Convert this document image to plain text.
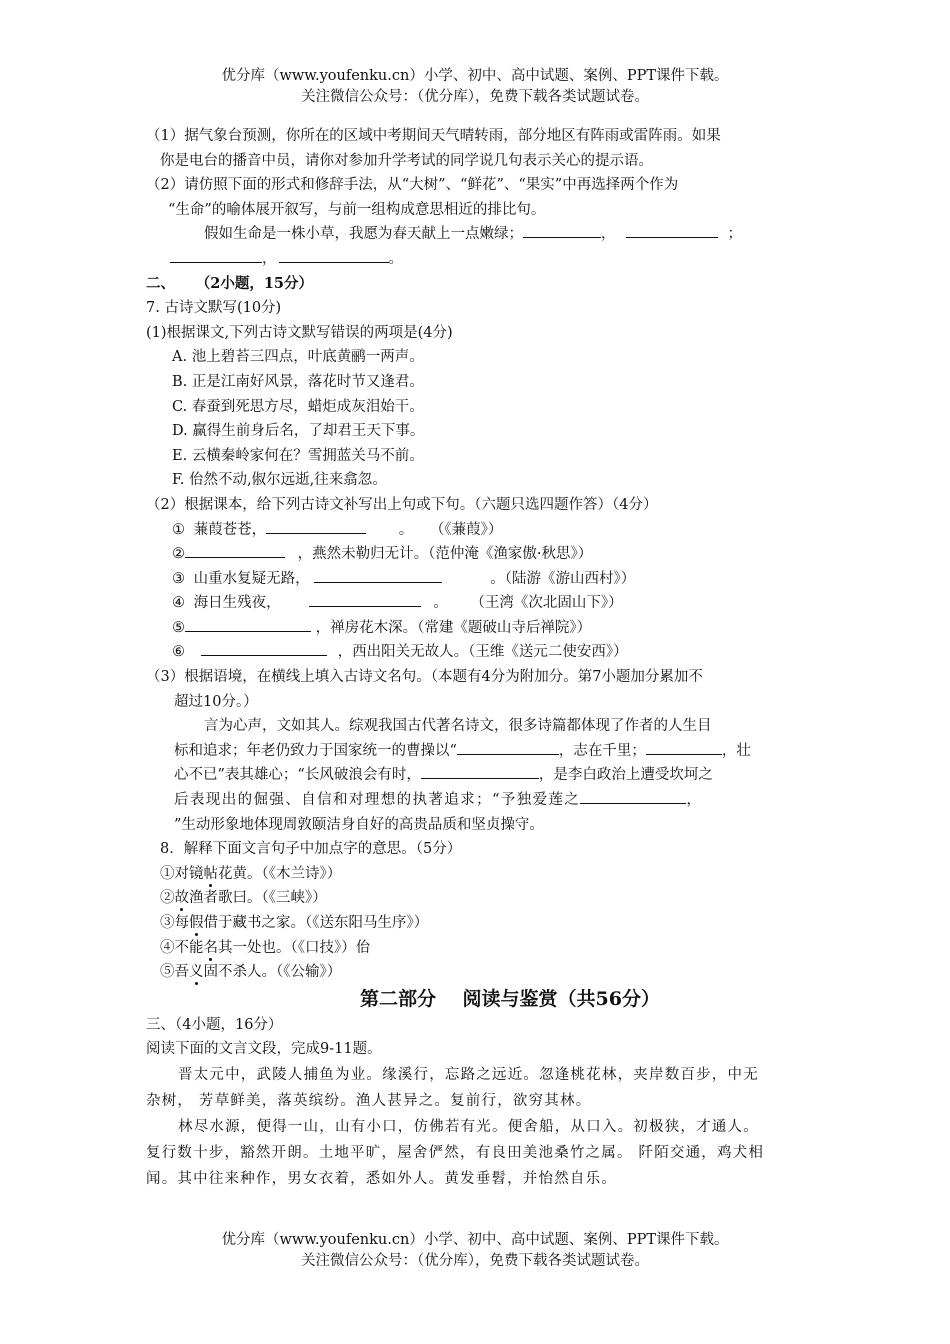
优分库（www.youfenku.cn）小学、初中、高中试题、案例、PPT课件下载。
关注微信公众号：（优分库），免费下载各类试题试卷。
（1）据气象台预测，你所在的区域中考期间天气晴转雨，部分地区有阵雨或雷阵雨。如果
你是电台的播音中员，请你对参加升学考试的同学说几句表示关心的提示语。
（2）请仿照下面的形式和修辞手法，从“大树”、“鲜花”、“果实”中再选择两个作为
“生命”的喻体展开叙写，与前一组构成意思相近的排比句。
假如生命是一株小草，我愿为春天献上一点嫩绿；	，	；
，	。
二、 （2小题，15分）
7. 古诗文默写(10分)
(1)根据课文,下列古诗文默写错误的两项是(4分)
A. 池上碧苔三四点，叶底黄鹂一两声。
B. 正是江南好风景，落花时节又逢君。
C. 春蚕到死思方尽，蜡炬成灰泪始干。
D. 赢得生前身后名，了却君王天下事。
E. 云横秦岭家何在？雪拥蓝关马不前。
F. 佁然不动,俶尔远逝,往来翕忽。
（2）根据课本，给下列古诗文补写出上句或下句。（六题只选四题作答）（4分）
① 蒹葭苍苍，	。 （《蒹葭》）
②	，燕然未勒归无计。（范仲淹《渔家傲·秋思》）
③ 山重水复疑无路，	。（陆游《游山西村》）
④ 海日生残夜，	。 （王湾《次北固山下》）
⑤	，禅房花木深。（常建《题破山寺后禅院》）
⑥	，西出阳关无故人。（王维《送元二使安西》）
（3）根据语境，在横线上填入古诗文名句。（本题有4分为附加分。第7小题加分累加不
超过10分。）
言为心声，文如其人。综观我国古代著名诗文，很多诗篇都体现了作者的人生目
标和追求；年老仍致力于国家统一的曹操以“	，志在千里；	，壮
心不已”表其雄心；“长风破浪会有时，	，是李白政治上遭受坎坷之
后表现出的倔强、自信和对理想的执著追求；“予独爱莲之	，
”生动形象地体现周敦颐洁身自好的高贵品质和坚贞操守。
8．解释下面文言句子中加点字的意思。（5分）
①对镜帖花黄。（《木兰诗》）
②故渔者歌曰。（《三峡》）
③每假借于藏书之家。（《送东阳马生序》）
④不能名其一处也。（《口技》）佁
⑤吾义固不杀人。（《公输》）
第二部分    阅读与鉴赏（共56分）
三、（4小题，16分）
阅读下面的文言文段，完成9-11题。
晋太元中，武陵人捕鱼为业。缘溪行，忘路之远近。忽逢桃花林，夹岸数百步，中无
杂树， 芳草鲜美，落英缤纷。渔人甚异之。复前行，欲穷其林。
林尽水源，便得一山，山有小口，仿佛若有光。便舍船，从口入。初极狭，才通人。
复行数十步，豁然开朗。土地平旷，屋舍俨然，有良田美池桑竹之属。 阡陌交通，鸡犬相
闻。其中往来种作，男女衣着，悉如外人。黄发垂髫，并怡然自乐。
优分库（www.youfenku.cn）小学、初中、高中试题、案例、PPT课件下载。
关注微信公众号：（优分库），免费下载各类试题试卷。
